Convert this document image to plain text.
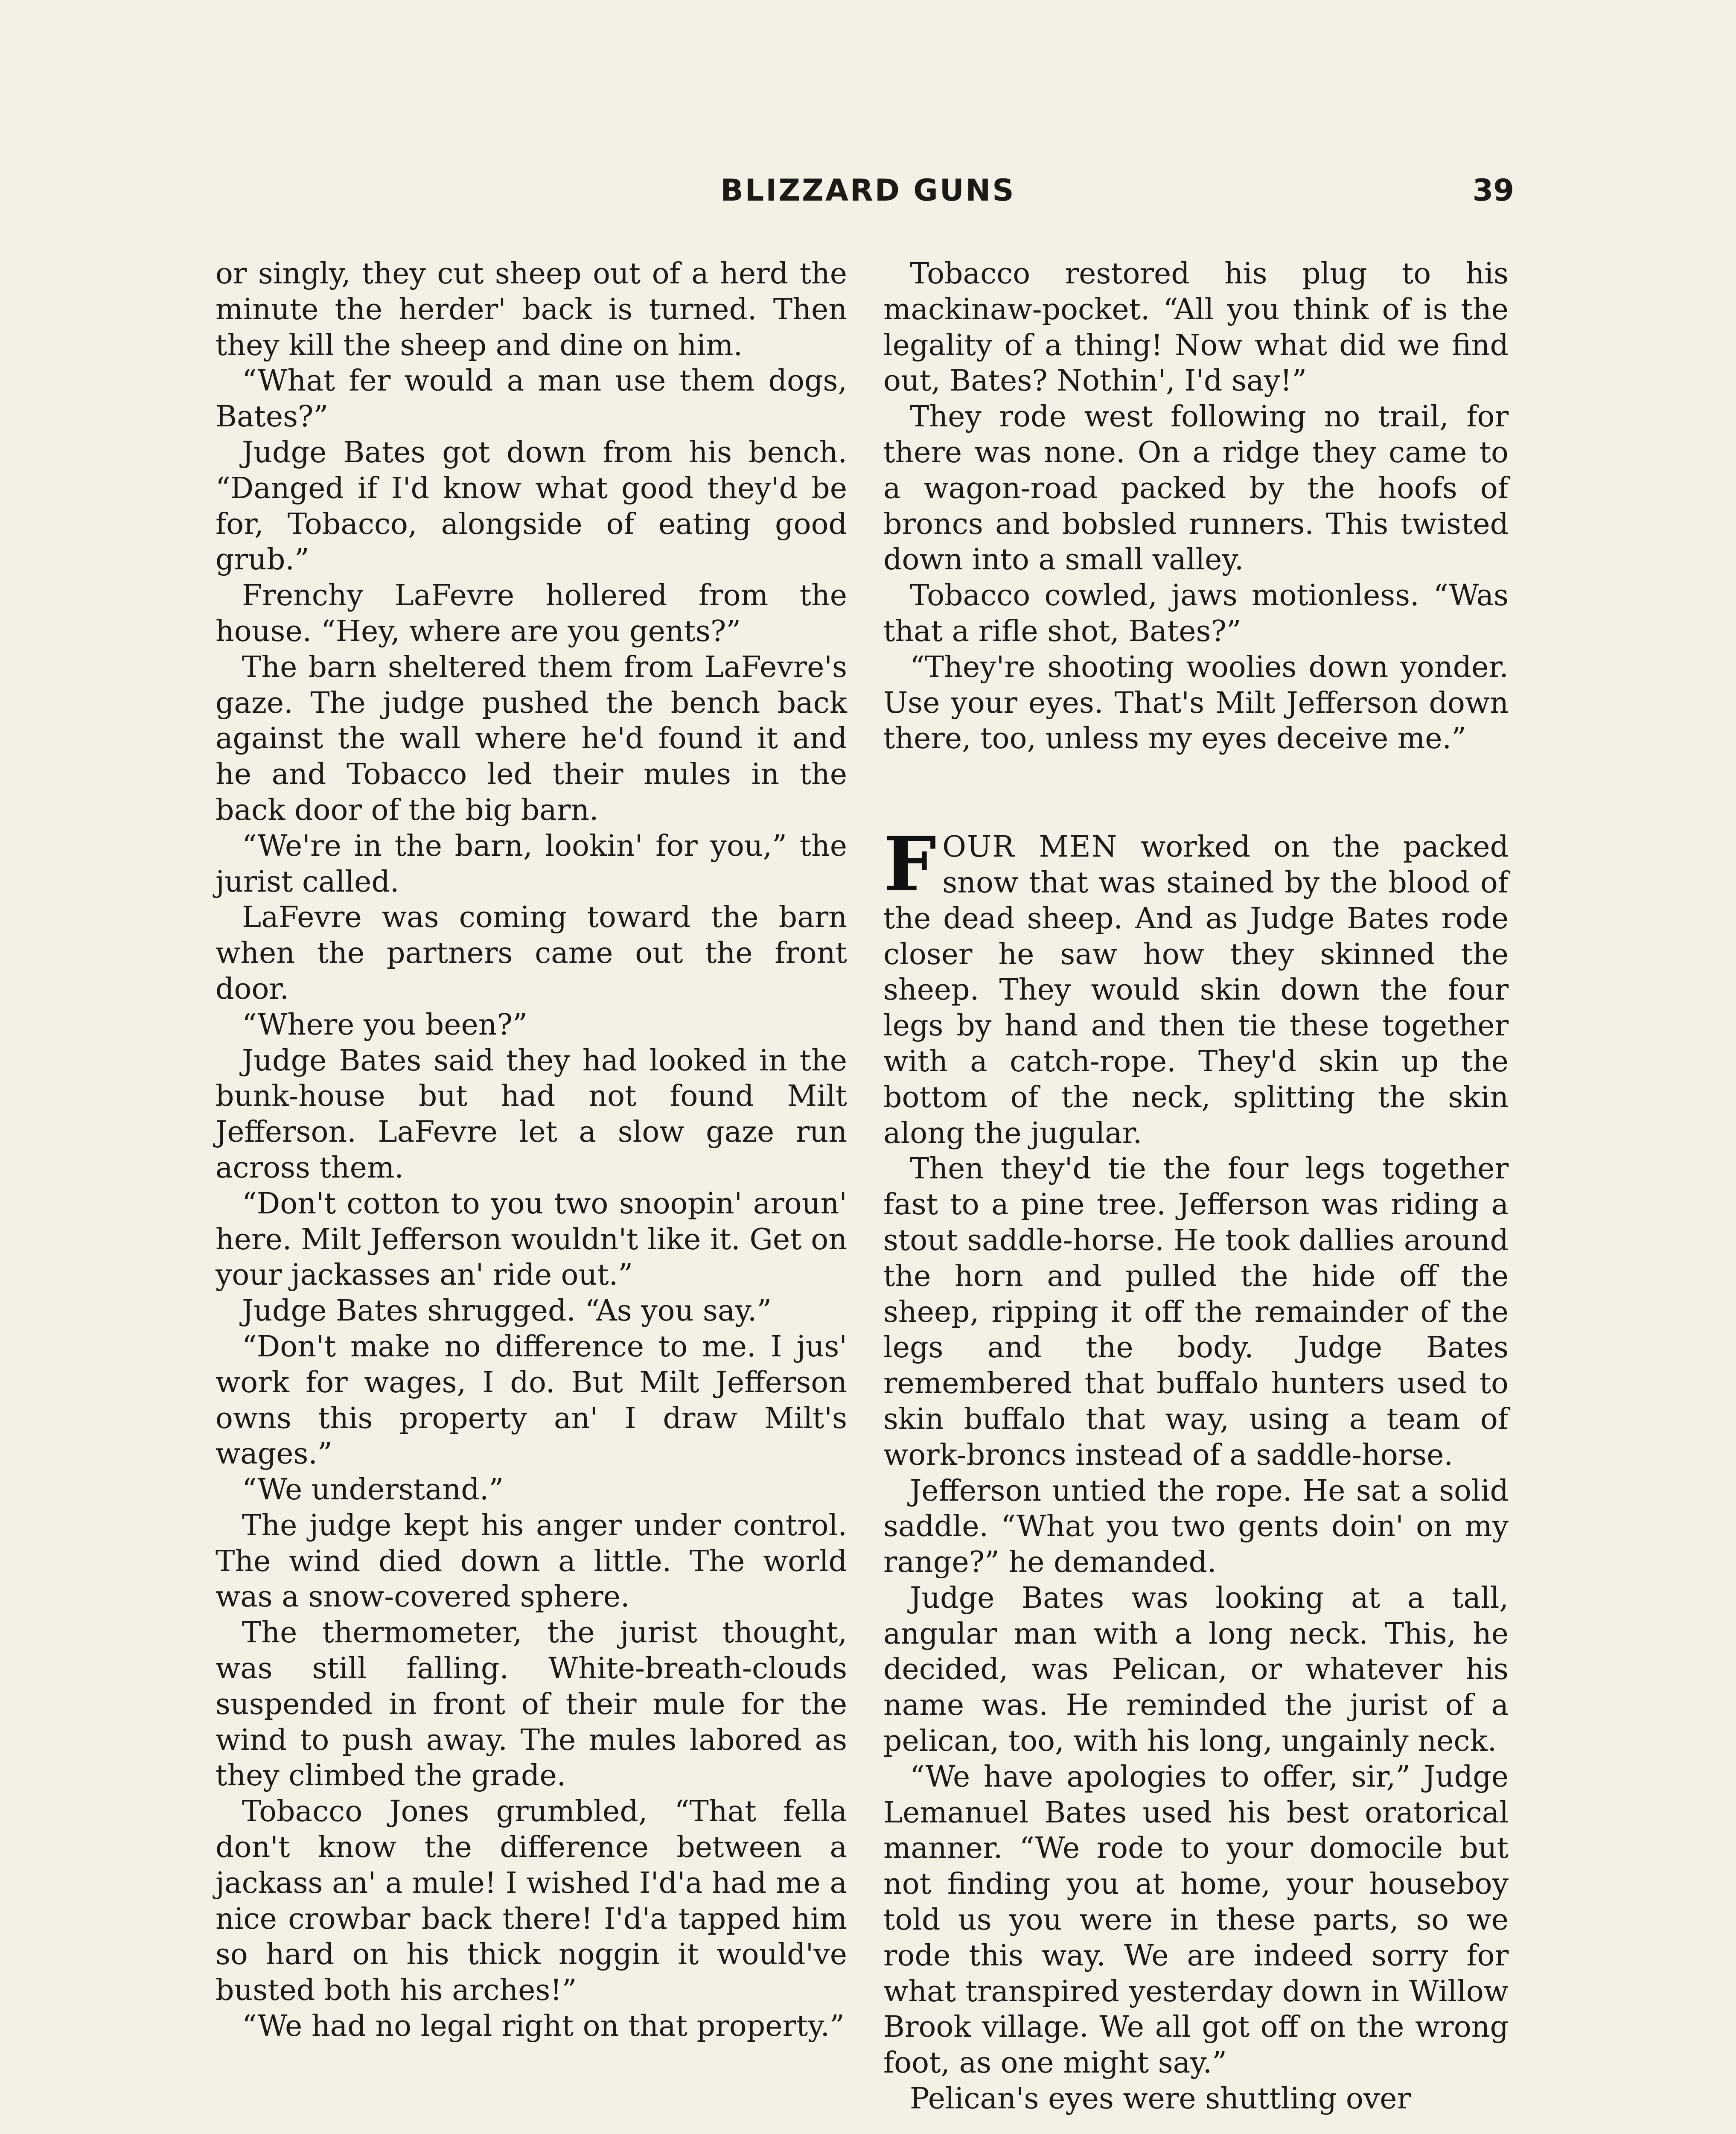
BLIZZARD GUNS	39

or singly, they cut sheep out of a herd the minute the herder' back is turned. Then they kill the sheep and dine on him.

“What fer would a man use them dogs, Bates?”

Judge Bates got down from his bench. “Danged if I'd know what good they'd be for, Tobacco, alongside of eating good grub.”

Frenchy LaFevre hollered from the house. “Hey, where are you gents?”

The barn sheltered them from LaFevre's gaze. The judge pushed the bench back against the wall where he'd found it and he and Tobacco led their mules in the back door of the big barn.

“We're in the barn, lookin' for you,” the jurist called.

LaFevre was coming toward the barn when the partners came out the front door.

“Where you been?”

Judge Bates said they had looked in the bunk-house but had not found Milt Jefferson. LaFevre let a slow gaze run across them.

“Don't cotton to you two snoopin' aroun' here. Milt Jefferson wouldn't like it. Get on your jackasses an' ride out.”

Judge Bates shrugged. “As you say.”

“Don't make no difference to me. I jus' work for wages, I do. But Milt Jefferson owns this property an' I draw Milt's wages.”

“We understand.”

The judge kept his anger under control. The wind died down a little. The world was a snow-covered sphere.

The thermometer, the jurist thought, was still falling. White-breath-clouds suspended in front of their mule for the wind to push away. The mules labored as they climbed the grade.

Tobacco Jones grumbled, “That fella don't know the difference between a jackass an' a mule! I wished I'd'a had me a nice crowbar back there! I'd'a tapped him so hard on his thick noggin it would've busted both his arches!”

“We had no legal right on that property.”

Tobacco restored his plug to his mackinaw-pocket. “All you think of is the legality of a thing! Now what did we find out, Bates? Nothin', I'd say!”

They rode west following no trail, for there was none. On a ridge they came to a wagon-road packed by the hoofs of broncs and bobsled runners. This twisted down into a small valley.

Tobacco cowled, jaws motionless. “Was that a rifle shot, Bates?”

“They're shooting woolies down yonder. Use your eyes. That's Milt Jefferson down there, too, unless my eyes deceive me.”

FOUR MEN worked on the packed snow that was stained by the blood of the dead sheep. And as Judge Bates rode closer he saw how they skinned the sheep. They would skin down the four legs by hand and then tie these together with a catch-rope. They'd skin up the bottom of the neck, splitting the skin along the jugular.

Then they'd tie the four legs together fast to a pine tree. Jefferson was riding a stout saddle-horse. He took dallies around the horn and pulled the hide off the sheep, ripping it off the remainder of the legs and the body. Judge Bates remembered that buffalo hunters used to skin buffalo that way, using a team of work-broncs instead of a saddle-horse.

Jefferson untied the rope. He sat a solid saddle. “What you two gents doin' on my range?” he demanded.

Judge Bates was looking at a tall, angular man with a long neck. This, he decided, was Pelican, or whatever his name was. He reminded the jurist of a pelican, too, with his long, ungainly neck.

“We have apologies to offer, sir,” Judge Lemanuel Bates used his best oratorical manner. “We rode to your domocile but not finding you at home, your houseboy told us you were in these parts, so we rode this way. We are indeed sorry for what transpired yesterday down in Willow Brook village. We all got off on the wrong foot, as one might say.”

Pelican's eyes were shuttling over
